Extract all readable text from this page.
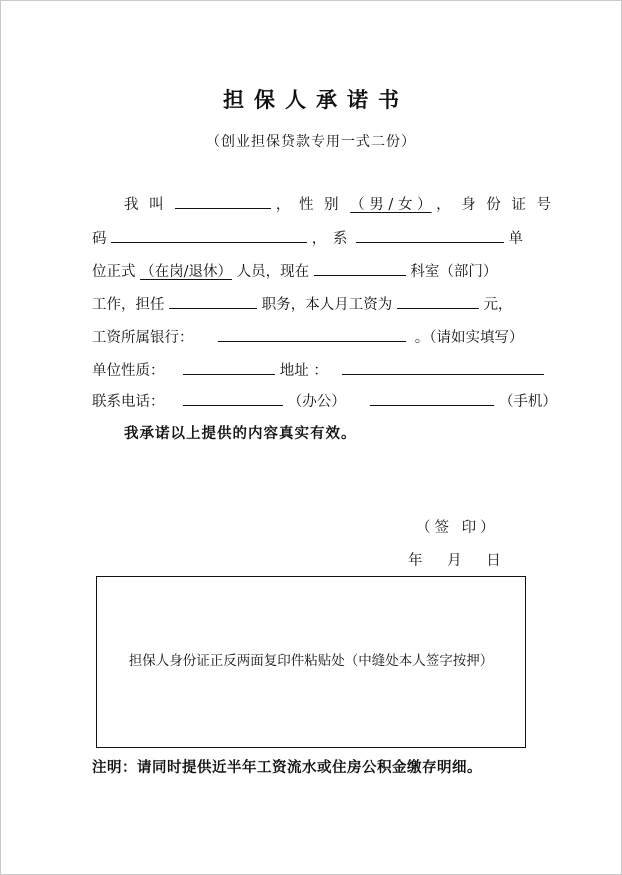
担保人承诺书
（创业担保贷款专用一式二份）
我 叫	， 性 别 （ 男 / 女 ） ， 身 份 证 号
码	， 系	单
位正式 （在岗/退休） 人员，现在	科室（部门）
工作，担任	职务，本人月工资为	元，
工资所属银行：	。（请如实填写）
单位性质：	地址 ：
联系电话：	（办公）	（手机）
我承诺以上提供的内容真实有效。
（签 印）
年 月 日
担保人身份证正反两面复印件粘贴处（中缝处本人签字按押）
注明：请同时提供近半年工资流水或住房公积金缴存明细。
